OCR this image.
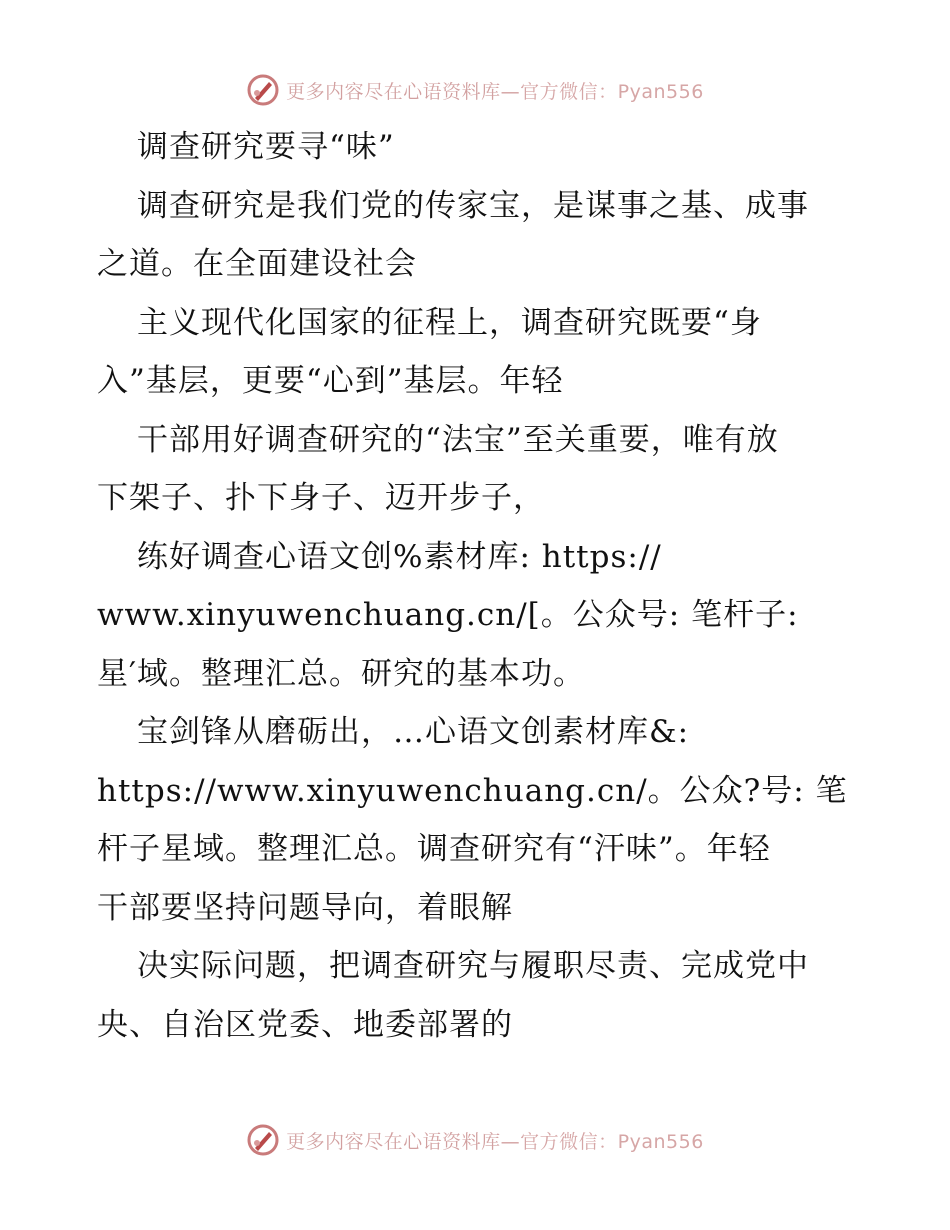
更多内容尽在心语资料库—官方微信：Pyan556
调查研究要寻“味”
调查研究是我们党的传家宝，是谋事之基、成事
之道。在全面建设社会
主义现代化国家的征程上，调查研究既要“身
入”基层，更要“心到”基层。年轻
干部用好调查研究的“法宝”至关重要，唯有放
下架子、扑下身子、迈开步子，
练好调查心语文创%素材库: https://
www.xinyuwenchuang.cn/[。公众号: 笔杆子:
星′域。整理汇总。研究的基本功。
宝剑锋从磨砺出，…心语文创素材库&:
https://www.xinyuwenchuang.cn/。公众?号: 笔
杆子星域。整理汇总。调查研究有“汗味”。年轻
干部要坚持问题导向，着眼解
决实际问题，把调查研究与履职尽责、完成党中
央、自治区党委、地委部署的
更多内容尽在心语资料库—官方微信：Pyan556
